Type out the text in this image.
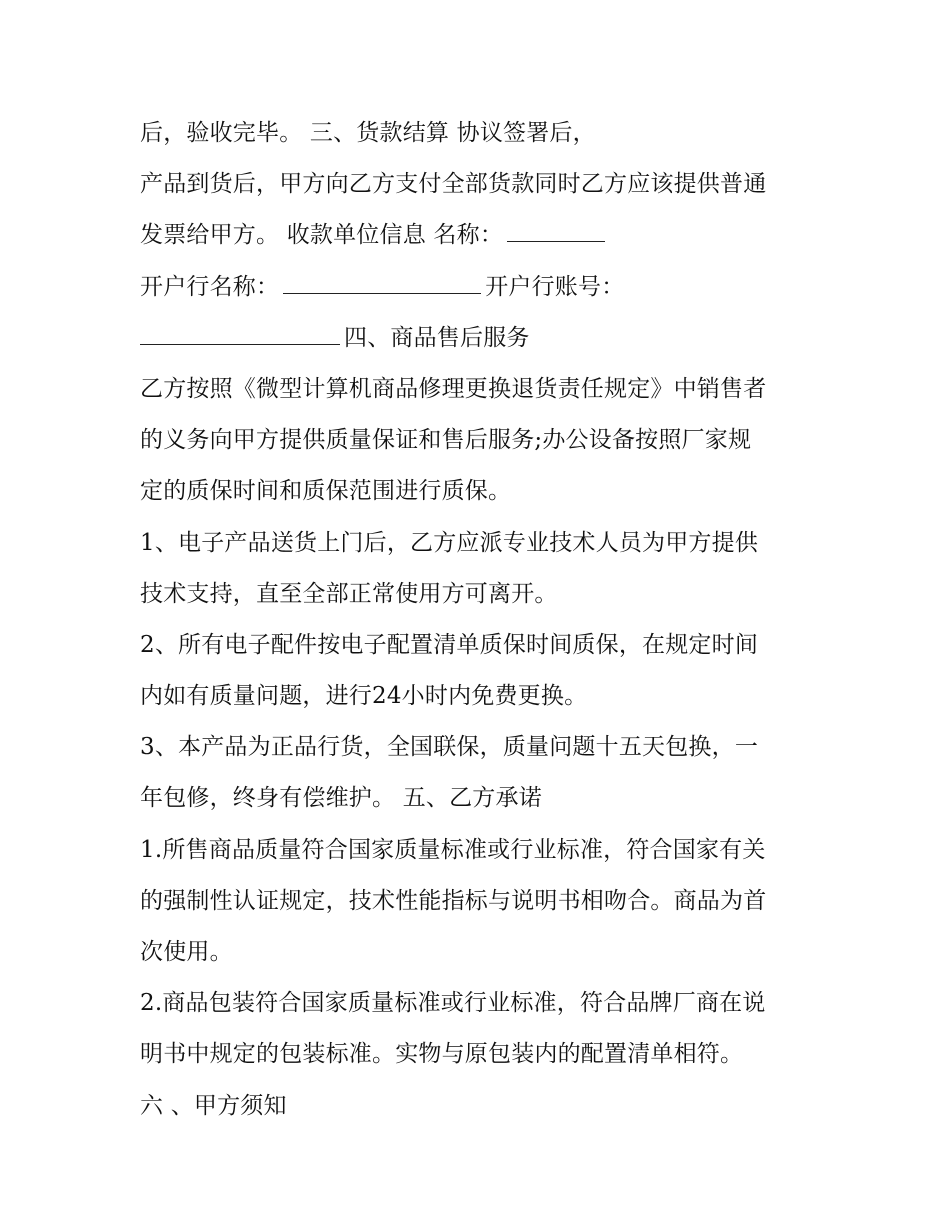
后，验收完毕。 三、货款结算 协议签署后，
产品到货后，甲方向乙方支付全部货款同时乙方应该提供普通
发票给甲方。 收款单位信息 名称：
开户行名称：	开户行账号：
四、商品售后服务
乙方按照《微型计算机商品修理更换退货责任规定》中销售者
的义务向甲方提供质量保证和售后服务;办公设备按照厂家规
定的质保时间和质保范围进行质保。
1、电子产品送货上门后，乙方应派专业技术人员为甲方提供
技术支持，直至全部正常使用方可离开。
2、所有电子配件按电子配置清单质保时间质保，在规定时间
内如有质量问题，进行24小时内免费更换。
3、本产品为正品行货，全国联保，质量问题十五天包换，一
年包修，终身有偿维护。 五、乙方承诺
1.所售商品质量符合国家质量标准或行业标准，符合国家有关
的强制性认证规定，技术性能指标与说明书相吻合。商品为首
次使用。
2.商品包装符合国家质量标准或行业标准，符合品牌厂商在说
明书中规定的包装标准。实物与原包装内的配置清单相符。
六 、甲方须知
